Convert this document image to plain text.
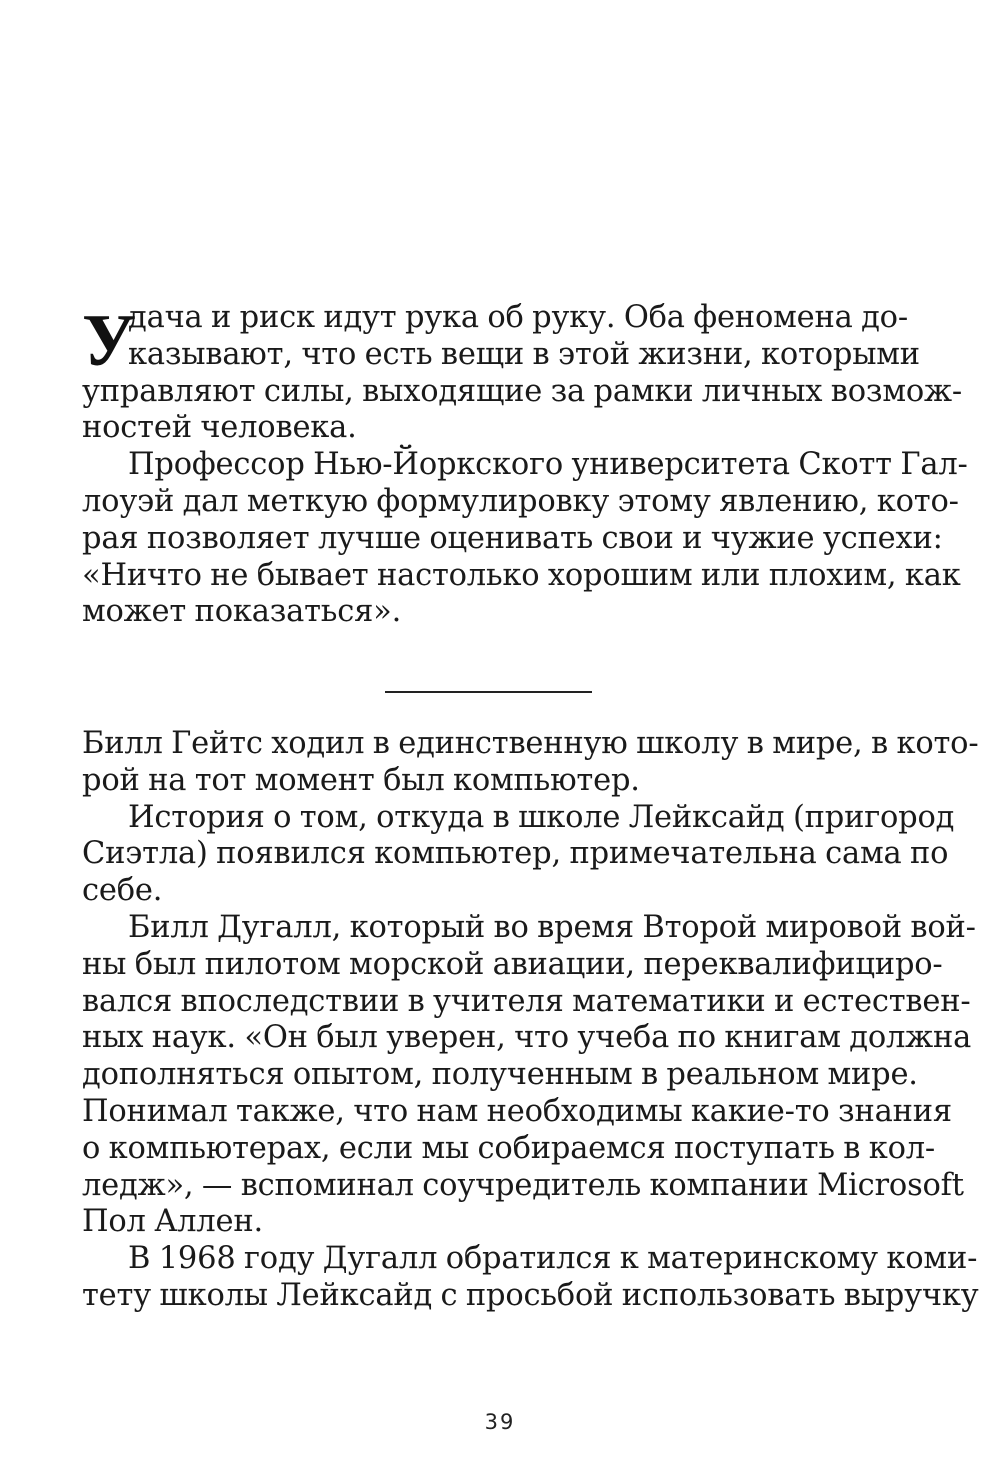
У
дача и риск идут рука об руку. Оба феномена до-
казывают, что есть вещи в этой жизни, которыми
управляют силы, выходящие за рамки личных возмож-
ностей человека.
Профессор Нью-Йоркского университета Скотт Гал-
лоуэй дал меткую формулировку этому явлению, кото-
рая позволяет лучше оценивать свои и чужие успехи:
«Ничто не бывает настолько хорошим или плохим, как
может показаться».
Билл Гейтс ходил в единственную школу в мире, в кото-
рой на тот момент был компьютер.
История о том, откуда в школе Лейксайд (пригород
Сиэтла) появился компьютер, примечательна сама по
себе.
Билл Дугалл, который во время Второй мировой вой-
ны был пилотом морской авиации, переквалифициро-
вался впоследствии в учителя математики и естествен-
ных наук. «Он был уверен, что учеба по книгам должна
дополняться опытом, полученным в реальном мире.
Понимал также, что нам необходимы какие-то знания
о компьютерах, если мы собираемся поступать в кол-
ледж», — вспоминал соучредитель компании Microsoft
Пол Аллен.
В 1968 году Дугалл обратился к материнскому коми-
тету школы Лейксайд с просьбой использовать выручку
39
